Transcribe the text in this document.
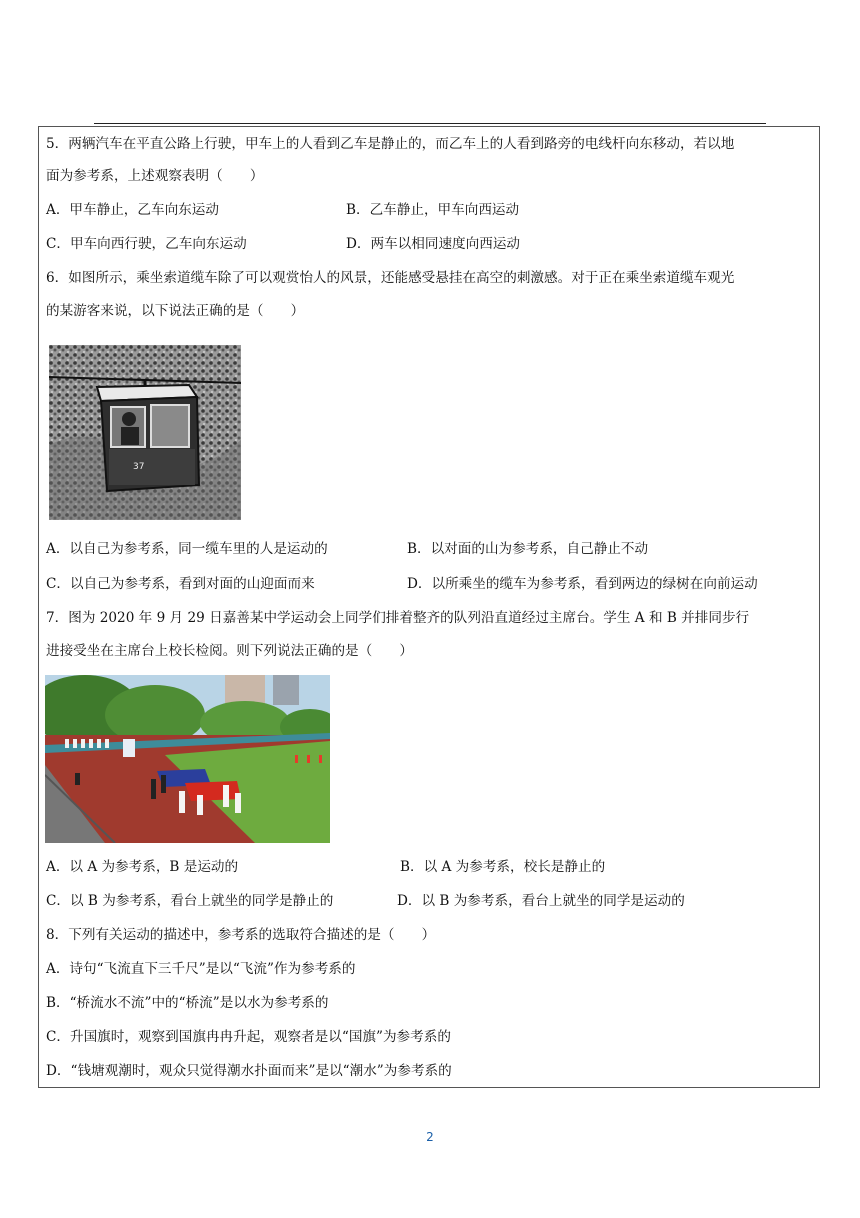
5．两辆汽车在平直公路上行驶，甲车上的人看到乙车是静止的，而乙车上的人看到路旁的电线杆向东移动，若以地
面为参考系，上述观察表明（　　）
A．甲车静止，乙车向东运动	B．乙车静止，甲车向西运动
C．甲车向西行驶，乙车向东运动	D．两车以相同速度向西运动
6．如图所示，乘坐索道缆车除了可以观赏怡人的风景，还能感受悬挂在高空的刺激感。对于正在乘坐索道缆车观光
的某游客来说，以下说法正确的是（　　）
37
A．以自己为参考系，同一缆车里的人是运动的	B．以对面的山为参考系，自己静止不动
C．以自己为参考系，看到对面的山迎面而来	D．以所乘坐的缆车为参考系，看到两边的绿树在向前运动
7．图为 2020 年 9 月 29 日嘉善某中学运动会上同学们排着整齐的队列沿直道经过主席台。学生 A 和 B 并排同步行
进接受坐在主席台上校长检阅。则下列说法正确的是（　　）
A．以 A 为参考系，B 是运动的	B．以 A 为参考系，校长是静止的
C．以 B 为参考系，看台上就坐的同学是静止的	D．以 B 为参考系，看台上就坐的同学是运动的
8．下列有关运动的描述中，参考系的选取符合描述的是（　　）
A．诗句“飞流直下三千尺”是以“飞流”作为参考系的
B．“桥流水不流”中的“桥流”是以水为参考系的
C．升国旗时，观察到国旗冉冉升起，观察者是以“国旗”为参考系的
D．“钱塘观潮时，观众只觉得潮水扑面而来”是以“潮水”为参考系的
2
